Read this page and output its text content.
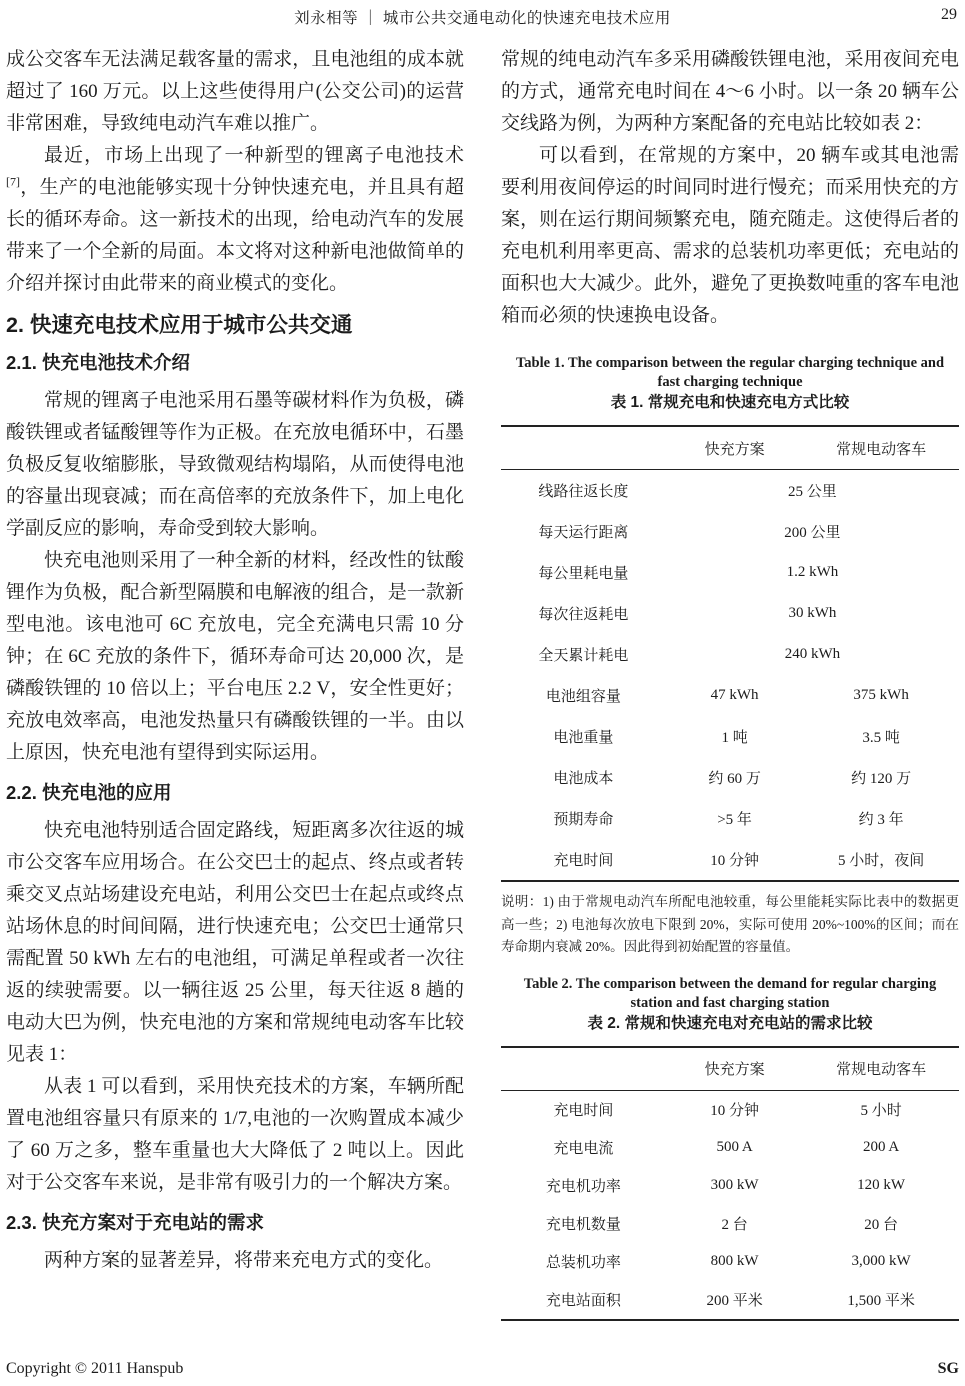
刘永相等 ｜ 城市公共交通电动化的快速充电技术应用	29

成公交客车无法满足载客量的需求，且电池组的成本就超过了 160 万元。以上这些使得用户(公交公司)的运营非常困难，导致纯电动汽车难以推广。

最近，市场上出现了一种新型的锂离子电池技术[7]，生产的电池能够实现十分钟快速充电，并且具有超长的循环寿命。这一新技术的出现，给电动汽车的发展带来了一个全新的局面。本文将对这种新电池做简单的介绍并探讨由此带来的商业模式的变化。

2. 快速充电技术应用于城市公共交通
2.1. 快充电池技术介绍

常规的锂离子电池采用石墨等碳材料作为负极，磷酸铁锂或者锰酸锂等作为正极。在充放电循环中，石墨负极反复收缩膨胀，导致微观结构塌陷，从而使得电池的容量出现衰减；而在高倍率的充放条件下，加上电化学副反应的影响，寿命受到较大影响。

快充电池则采用了一种全新的材料，经改性的钛酸锂作为负极，配合新型隔膜和电解液的组合，是一款新型电池。该电池可 6C 充放电，完全充满电只需 10 分钟；在 6C 充放的条件下，循环寿命可达 20,000 次，是磷酸铁锂的 10 倍以上；平台电压 2.2 V，安全性更好；充放电效率高，电池发热量只有磷酸铁锂的一半。由以上原因，快充电池有望得到实际运用。

2.2. 快充电池的应用

快充电池特别适合固定路线，短距离多次往返的城市公交客车应用场合。在公交巴士的起点、终点或者转乘交叉点站场建设充电站，利用公交巴士在起点或终点站场休息的时间间隔，进行快速充电；公交巴士通常只需配置 50 kWh 左右的电池组，可满足单程或者一次往返的续驶需要。以一辆往返 25 公里，每天往返 8 趟的电动大巴为例，快充电池的方案和常规纯电动客车比较见表 1：

从表 1 可以看到，采用快充技术的方案，车辆所配置电池组容量只有原来的 1/7,电池的一次购置成本减少了 60 万之多，整车重量也大大降低了 2 吨以上。因此对于公交客车来说，是非常有吸引力的一个解决方案。

2.3. 快充方案对于充电站的需求

两种方案的显著差异，将带来充电方式的变化。

常规的纯电动汽车多采用磷酸铁锂电池，采用夜间充电的方式，通常充电时间在 4～6 小时。以一条 20 辆车公交线路为例，为两种方案配备的充电站比较如表 2：

可以看到，在常规的方案中，20 辆车或其电池需要利用夜间停运的时间同时进行慢充；而采用快充的方案，则在运行期间频繁充电，随充随走。这使得后者的充电机利用率更高、需求的总装机功率更低；充电站的面积也大大减少。此外，避免了更换数吨重的客车电池箱而必须的快速换电设备。

Table 1. The comparison between the regular charging technique and fast charging technique
表 1. 常规充电和快速充电方式比较
	快充方案	常规电动客车
线路往返长度	25 公里	
每天运行距离	200 公里	
每公里耗电量	1.2 kWh	
每次往返耗电	30 kWh	
全天累计耗电	240 kWh	
电池组容量	47 kWh	375 kWh
电池重量	1 吨	3.5 吨
电池成本	约 60 万	约 120 万
预期寿命	>5 年	约 3 年
充电时间	10 分钟	5 小时，夜间

说明：1) 由于常规电动汽车所配电池较重，每公里能耗实际比表中的数据更高一些；2) 电池每次放电下限到 20%，实际可使用 20%~100%的区间；而在寿命期内衰减 20%。因此得到初始配置的容量值。

Table 2. The comparison between the demand for regular charging station and fast charging station
表 2. 常规和快速充电对充电站的需求比较
	快充方案	常规电动客车
充电时间	10 分钟	5 小时
充电电流	500 A	200 A
充电机功率	300 kW	120 kW
充电机数量	2 台	20 台
总装机功率	800 kW	3,000 kW
充电站面积	200 平米	1,500 平米
Copyright © 2011 Hanspub	SG
